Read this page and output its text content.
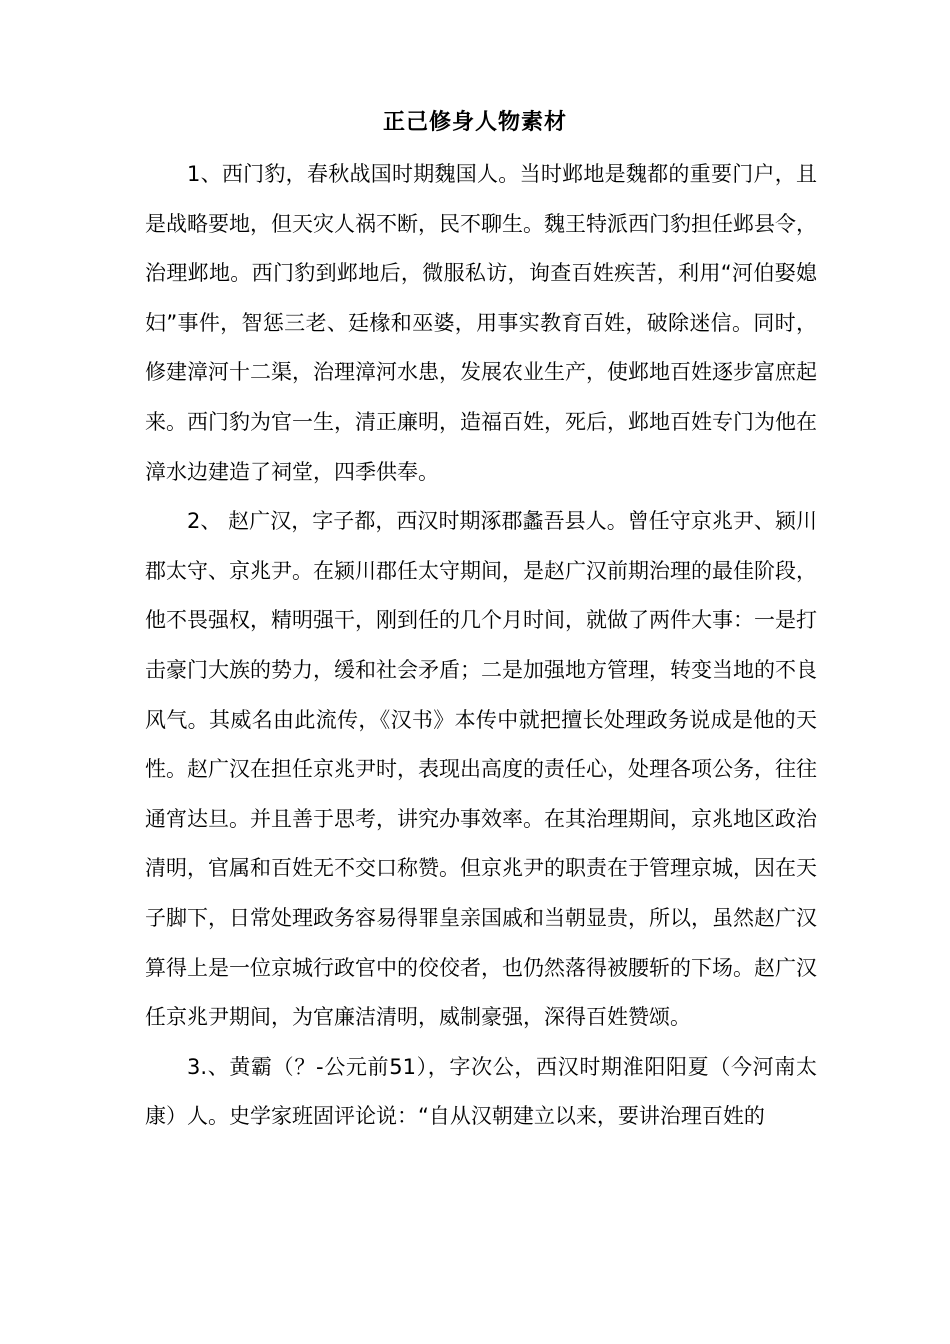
正己修身人物素材

1、西门豹，春秋战国时期魏国人。当时邺地是魏都的重要门户，且是战略要地，但天灾人祸不断，民不聊生。魏王特派西门豹担任邺县令，治理邺地。西门豹到邺地后，微服私访，询查百姓疾苦，利用“河伯娶媳妇”事件，智惩三老、廷椽和巫婆，用事实教育百姓，破除迷信。同时，修建漳河十二渠，治理漳河水患，发展农业生产，使邺地百姓逐步富庶起来。西门豹为官一生，清正廉明，造福百姓，死后，邺地百姓专门为他在漳水边建造了祠堂，四季供奉。

2、 赵广汉，字子都，西汉时期涿郡蠡吾县人。曾任守京兆尹、颍川郡太守、京兆尹。在颍川郡任太守期间，是赵广汉前期治理的最佳阶段，他不畏强权，精明强干，刚到任的几个月时间，就做了两件大事：一是打击豪门大族的势力，缓和社会矛盾；二是加强地方管理，转变当地的不良风气。其威名由此流传，《汉书》本传中就把擅长处理政务说成是他的天性。赵广汉在担任京兆尹时，表现出高度的责任心，处理各项公务，往往通宵达旦。并且善于思考，讲究办事效率。在其治理期间，京兆地区政治清明，官属和百姓无不交口称赞。但京兆尹的职责在于管理京城，因在天子脚下，日常处理政务容易得罪皇亲国戚和当朝显贵，所以，虽然赵广汉算得上是一位京城行政官中的佼佼者，也仍然落得被腰斩的下场。赵广汉任京兆尹期间，为官廉洁清明，威制豪强，深得百姓赞颂。

3.、黄霸（？-公元前51），字次公，西汉时期淮阳阳夏（今河南太康）人。史学家班固评论说：“自从汉朝建立以来，要讲治理百姓的
